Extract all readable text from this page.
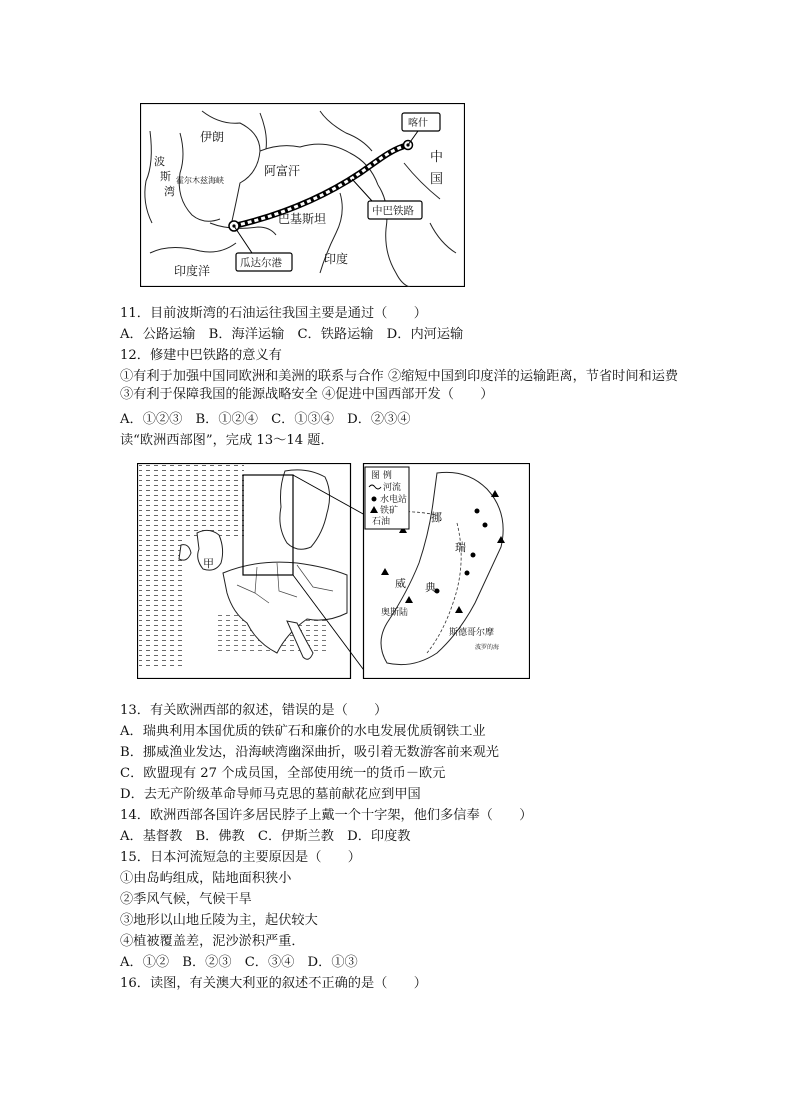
伊朗
喀什
中
国
阿富汗
波
斯
湾
霍尔木兹海峡
巴基斯坦
中巴铁路
印度洋
瓜达尔港	印度
甲
图 例
河流
水电站
铁矿
石油	挪
威
瑞
典
奥斯陆
斯德哥尔摩
波罗的海
11．目前波斯湾的石油运往我国主要是通过（　　）
A．公路运输　B．海洋运输　C．铁路运输　D．内河运输
12．修建中巴铁路的意义有
①有利于加强中国同欧洲和美洲的联系与合作 ②缩短中国到印度洋的运输距离，节省时间和运费 ③有利于保障我国的能源战略安全 ④促进中国西部开发（　　）
A．①②③　B．①②④　C．①③④　D．②③④
读“欧洲西部图”，完成 13～14 题．
13．有关欧洲西部的叙述，错误的是（　　）
A．瑞典利用本国优质的铁矿石和廉价的水电发展优质钢铁工业
B．挪威渔业发达，沿海峡湾幽深曲折，吸引着无数游客前来观光
C．欧盟现有 27 个成员国，全部使用统一的货币－欧元
D．去无产阶级革命导师马克思的墓前献花应到甲国
14．欧洲西部各国许多居民脖子上戴一个十字架，他们多信奉（　　）
A．基督教　B．佛教　C．伊斯兰教　D．印度教
15．日本河流短急的主要原因是（　　）
①由岛屿组成，陆地面积狭小
②季风气候，气候干旱
③地形以山地丘陵为主，起伏较大
④植被覆盖差，泥沙淤积严重．
A．①②　B．②③　C．③④　D．①③
16．读图，有关澳大利亚的叙述不正确的是（　　）
